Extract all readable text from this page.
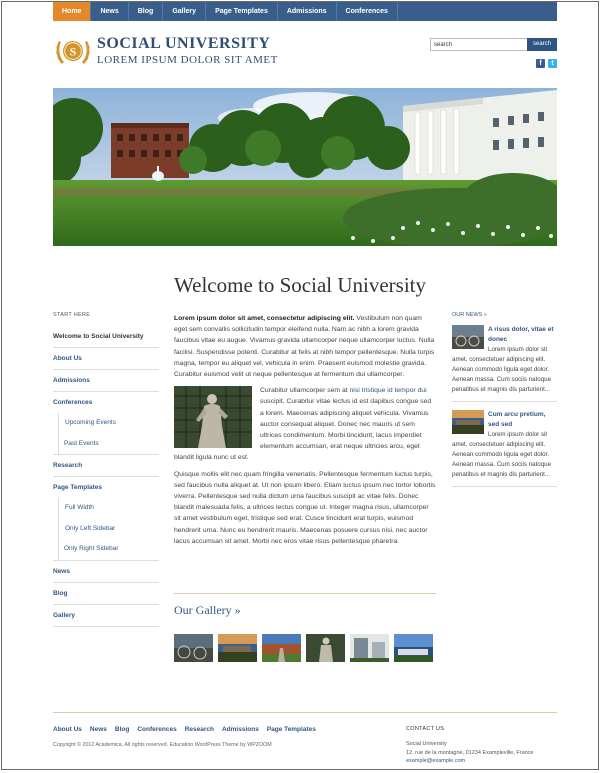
Home	News	Blog	Gallery	Page Templates	Admissions	Conferences
S SOCIAL UNIVERSITY
LOREM IPSUM DOLOR SIT AMET
search
search
f	t
Welcome to Social University
START HERE
Welcome to Social University
About Us
Admissions
Conferences
Upcoming Events
Past Events
Research
Page Templates
Full Width
Only Left Sidebar
Only Right Sidebar
News
Blog
Gallery

Lorem ipsum dolor sit amet, consectetur adipiscing elit. Vestibulum non quam eget sem convallis sollicitudin tempor eleifend nulla. Nam ac nibh a lorem gravida faucibus vitae eu augue. Vivamus gravida ullamcorper neque ullamcorper luctus. Nulla facilisi. Suspendisse potenti. Curabitur at felis at nibh tempor pellentesque. Nulla turpis magna, tempor eu aliquet vel, vehicula in enim. Praesent euismod molestie gravida. Curabitur euismod velit ut neque pellentesque at fermentum dui ullamcorper.

Curabitur ullamcorper sem at nisi tristique id tempor dui suscipit. Curabitur vitae lectus id est dapibus congue sed a lorem. Maecenas adipiscing aliquet vehicula. Vivamus auctor consequat aliquet. Donec nec mauris ut sem ultrices condimentum. Morbi tincidunt, lacus imperdiet elementum accumsan, erat neque ultricies arcu, eget blandit ligula nunc ut est.

Quisque mollis elit nec quam fringilla venenatis. Pellentesque fermentum luctus turpis, sed faucibus nulla aliquet at. Ut non ipsum libero. Etiam luctus ipsum nec tortor lobortis viverra. Pellentesque sed nulla dictum urna faucibus suscipit ac vitae felis. Donec blandit malesuada felis, a ultrices lectus congue ut. Integer magna risus, ullamcorper sit amet vestibulum eget, tristique sed erat. Cusce tincidunt erat turpis, euismod hendrerit urna. Nunc eu hendrerit mauris. Maecenas posuere cursus nisi, nec auctor lacus accumsan sit amet. Morbi nec eros vitae risus pellentesque pharetra.

Our Gallery »
OUR NEWS »
A risus dolor, vitae et donec
Lorem ipsum dolor sit amet, consectetuer adipiscing elit. Aenean commodo ligula eget dolor. Aenean massa. Cum sociis natoque penatibus et magnis dis parturient...
Cum arcu pretium, sed sed
Lorem ipsum dolor sit amet, consectetuer adipiscing elit. Aenean commodo ligula eget dolor. Aenean massa. Cum sociis natoque penatibus et magnis dis parturient...
About Us News Blog Conferences Research Admissions Page Templates
Copyright © 2012 Academica. All rights reserved. Education WordPress Theme by WPZOOM
CONTACT US
Social University
12, rue de la montagne, 01234 Exampleville, France
example@example.com
